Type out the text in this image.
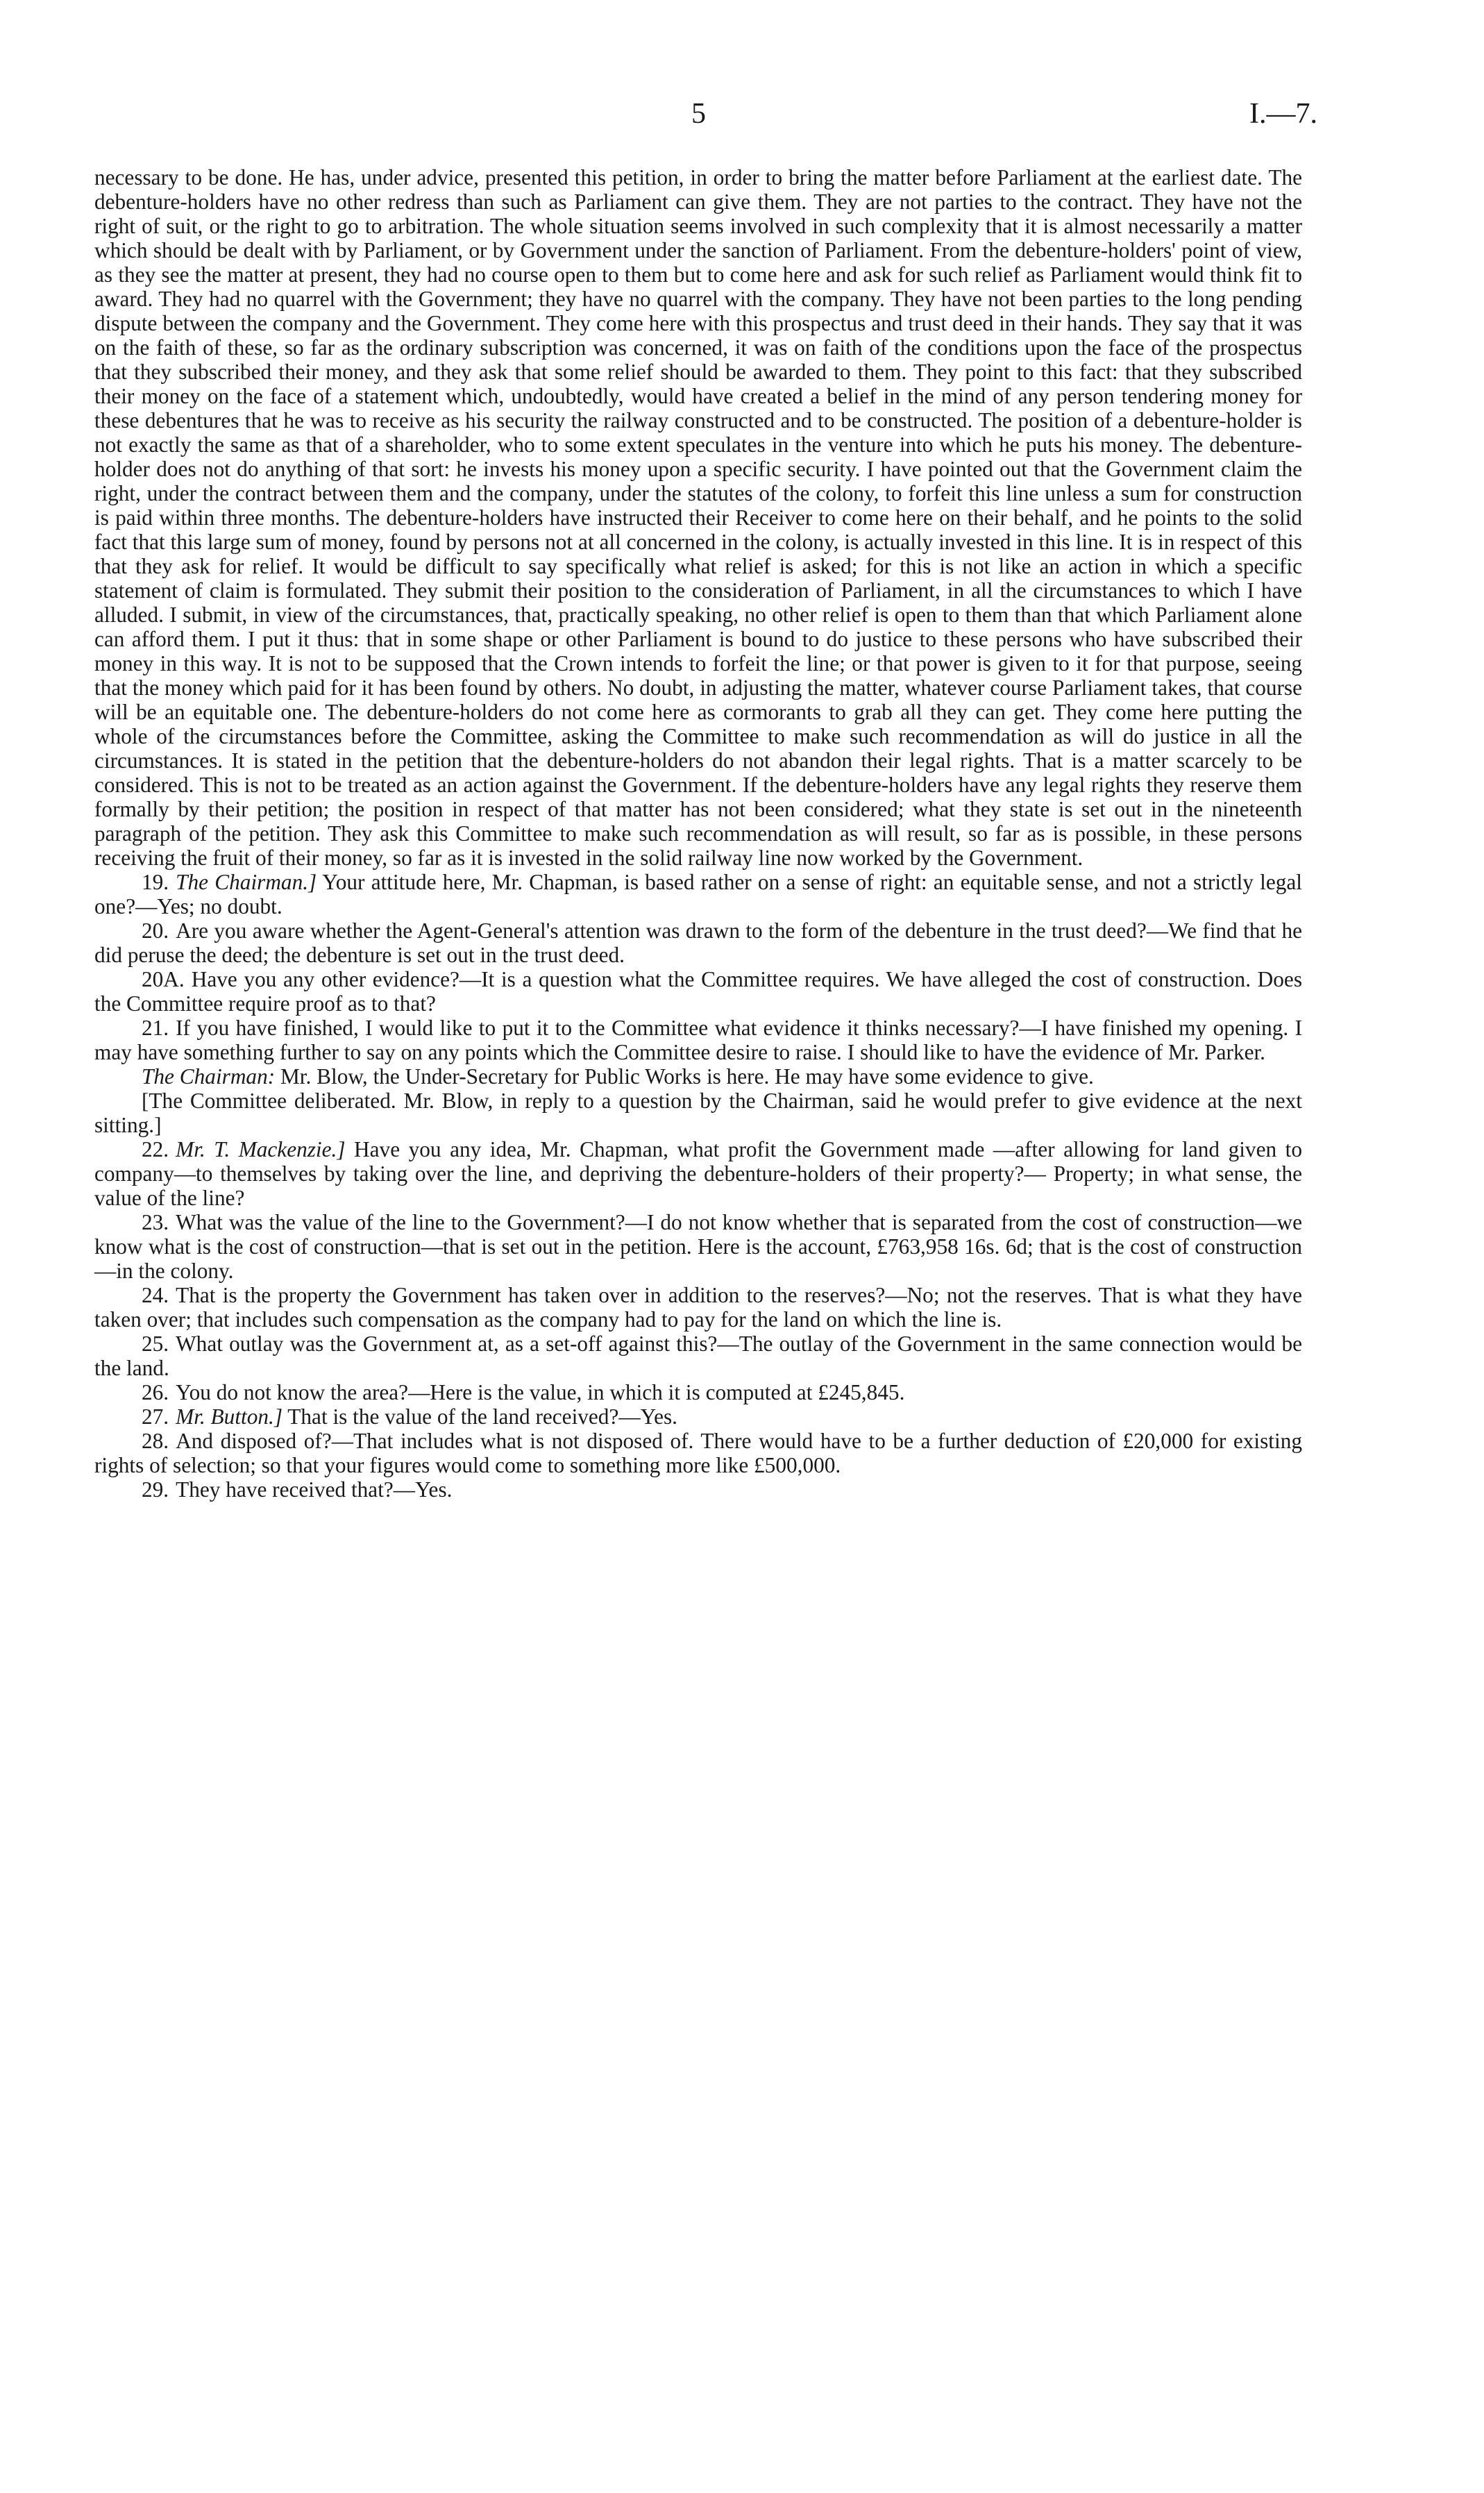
5	I.—7.

necessary to be done. He has, under advice, presented this petition, in order to bring the matter before Parliament at the earliest date. The debenture-holders have no other redress than such as Parliament can give them. They are not parties to the contract. They have not the right of suit, or the right to go to arbitration. The whole situation seems involved in such complexity that it is almost necessarily a matter which should be dealt with by Parliament, or by Government under the sanction of Parliament. From the debenture-holders' point of view, as they see the matter at present, they had no course open to them but to come here and ask for such relief as Parliament would think fit to award. They had no quarrel with the Government; they have no quarrel with the company. They have not been parties to the long pending dispute between the company and the Government. They come here with this prospectus and trust deed in their hands. They say that it was on the faith of these, so far as the ordinary subscription was concerned, it was on faith of the conditions upon the face of the prospectus that they subscribed their money, and they ask that some relief should be awarded to them. They point to this fact: that they subscribed their money on the face of a statement which, undoubtedly, would have created a belief in the mind of any person tendering money for these debentures that he was to receive as his security the railway constructed and to be constructed. The position of a debenture-holder is not exactly the same as that of a shareholder, who to some extent speculates in the venture into which he puts his money. The debenture-holder does not do anything of that sort: he invests his money upon a specific security. I have pointed out that the Government claim the right, under the contract between them and the company, under the statutes of the colony, to forfeit this line unless a sum for construction is paid within three months. The debenture-holders have instructed their Receiver to come here on their behalf, and he points to the solid fact that this large sum of money, found by persons not at all concerned in the colony, is actually invested in this line. It is in respect of this that they ask for relief. It would be difficult to say specifically what relief is asked; for this is not like an action in which a specific statement of claim is formulated. They submit their position to the consideration of Parliament, in all the circumstances to which I have alluded. I submit, in view of the circumstances, that, practically speaking, no other relief is open to them than that which Parliament alone can afford them. I put it thus: that in some shape or other Parliament is bound to do justice to these persons who have subscribed their money in this way. It is not to be supposed that the Crown intends to forfeit the line; or that power is given to it for that purpose, seeing that the money which paid for it has been found by others. No doubt, in adjusting the matter, whatever course Parliament takes, that course will be an equitable one. The debenture-holders do not come here as cormorants to grab all they can get. They come here putting the whole of the circumstances before the Committee, asking the Committee to make such recommendation as will do justice in all the circumstances. It is stated in the petition that the debenture-holders do not abandon their legal rights. That is a matter scarcely to be considered. This is not to be treated as an action against the Government. If the debenture-holders have any legal rights they reserve them formally by their petition; the position in respect of that matter has not been considered; what they state is set out in the nineteenth paragraph of the petition. They ask this Committee to make such recommendation as will result, so far as is possible, in these persons receiving the fruit of their money, so far as it is invested in the solid railway line now worked by the Government.

19. The Chairman.] Your attitude here, Mr. Chapman, is based rather on a sense of right: an equitable sense, and not a strictly legal one?—Yes; no doubt.

20. Are you aware whether the Agent-General's attention was drawn to the form of the debenture in the trust deed?—We find that he did peruse the deed; the debenture is set out in the trust deed.

20A. Have you any other evidence?—It is a question what the Committee requires. We have alleged the cost of construction. Does the Committee require proof as to that?

21. If you have finished, I would like to put it to the Committee what evidence it thinks necessary?—I have finished my opening. I may have something further to say on any points which the Committee desire to raise. I should like to have the evidence of Mr. Parker.

The Chairman: Mr. Blow, the Under-Secretary for Public Works is here. He may have some evidence to give.

[The Committee deliberated. Mr. Blow, in reply to a question by the Chairman, said he would prefer to give evidence at the next sitting.]

22. Mr. T. Mackenzie.] Have you any idea, Mr. Chapman, what profit the Government made —after allowing for land given to company—to themselves by taking over the line, and depriving the debenture-holders of their property?— Property; in what sense, the value of the line?

23. What was the value of the line to the Government?—I do not know whether that is separated from the cost of construction—we know what is the cost of construction—that is set out in the petition. Here is the account, £763,958 16s. 6d; that is the cost of construction—in the colony.

24. That is the property the Government has taken over in addition to the reserves?—No; not the reserves. That is what they have taken over; that includes such compensation as the company had to pay for the land on which the line is.

25. What outlay was the Government at, as a set-off against this?—The outlay of the Government in the same connection would be the land.

26. You do not know the area?—Here is the value, in which it is computed at £245,845.

27. Mr. Button.] That is the value of the land received?—Yes.

28. And disposed of?—That includes what is not disposed of. There would have to be a further deduction of £20,000 for existing rights of selection; so that your figures would come to something more like £500,000.

29. They have received that?—Yes.
